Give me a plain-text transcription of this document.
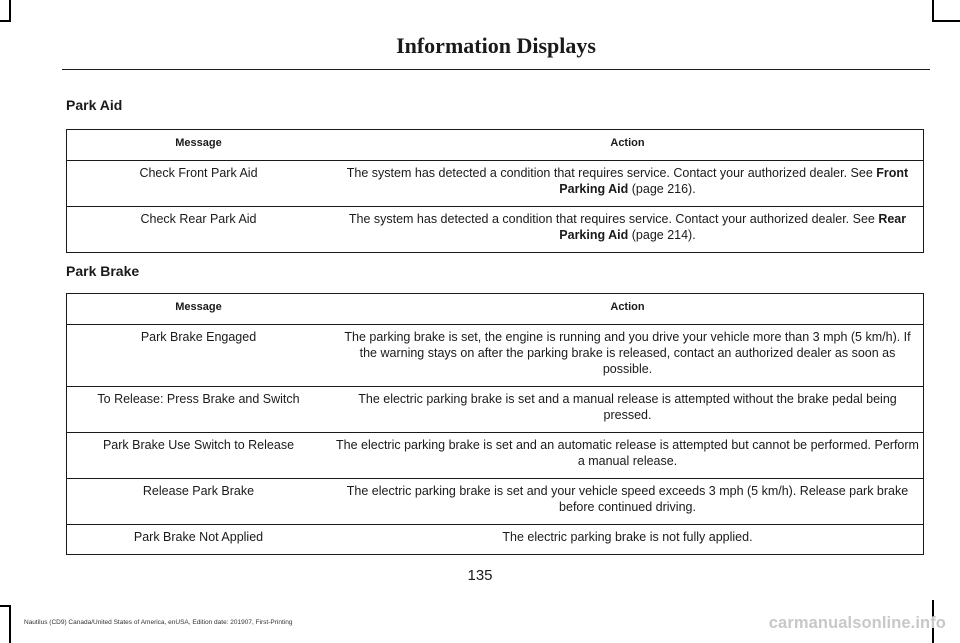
Information Displays
Park Aid
Message	Action
Check Front Park Aid	The system has detected a condition that requires service. Contact your authorized dealer. See Front Parking Aid (page 216).
Check Rear Park Aid	The system has detected a condition that requires service. Contact your authorized dealer. See Rear Parking Aid (page 214).
Park Brake
Message	Action
Park Brake Engaged	The parking brake is set, the engine is running and you drive your vehicle more than 3 mph (5 km/h). If the warning stays on after the parking brake is released, contact an authorized dealer as soon as possible.
To Release: Press Brake and Switch	The electric parking brake is set and a manual release is attempted without the brake pedal being pressed.
Park Brake Use Switch to Release	The electric parking brake is set and an automatic release is attempted but cannot be performed. Perform a manual release.
Release Park Brake	The electric parking brake is set and your vehicle speed exceeds 3 mph (5 km/h). Release park brake before continued driving.
Park Brake Not Applied	The electric parking brake is not fully applied.
135
Nautilus (CD9) Canada/United States of America, enUSA, Edition date: 201907, First-Printing	carmanualsonline.info
